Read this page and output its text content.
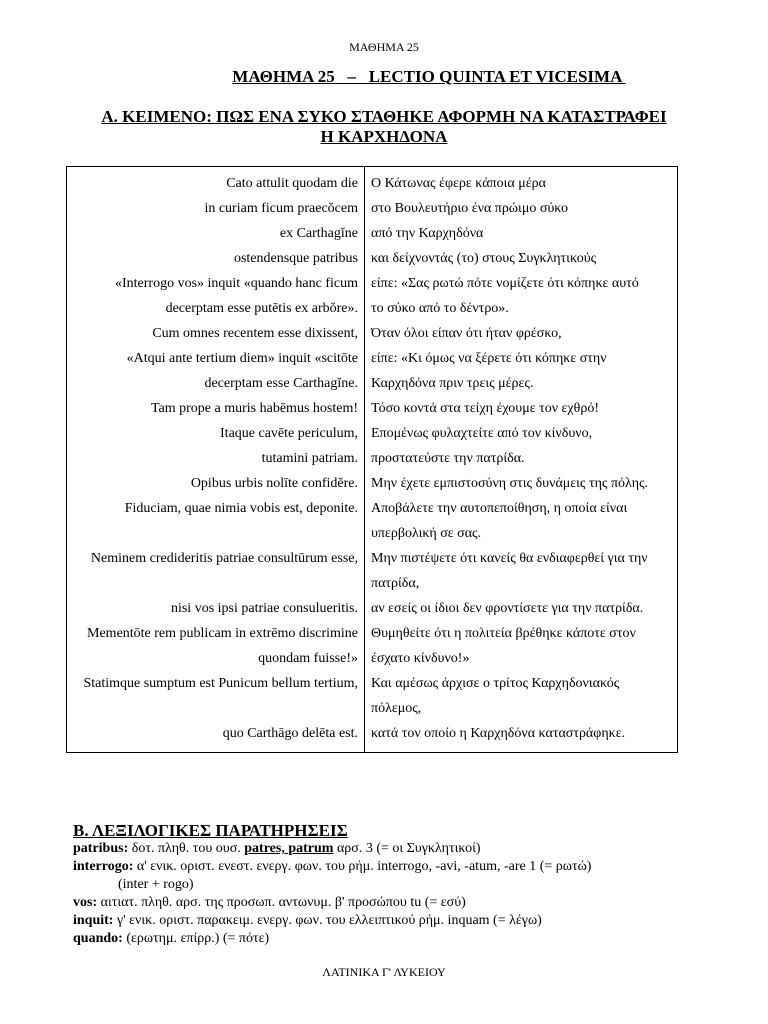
ΜΑΘΗΜΑ 25
ΜΑΘΗΜΑ 25   –   LECTIO QUINTA ET VICESIMA
Α. ΚΕΙΜΕΝΟ: ΠΩΣ ΕΝΑ ΣΥΚΟ ΣΤΑΘΗΚΕ ΑΦΟΡΜΗ ΝΑ ΚΑΤΑΣΤΡΑΦΕΙ
Η ΚΑΡΧΗΔΟΝΑ
Cato attulit quodam die	Ο Κάτωνας έφερε κάποια μέρα
in curiam ficum praecŏcem	στο Βουλευτήριο ένα πρώιμο σύκο
ex Carthagĭne	από την Καρχηδόνα
ostendensque patribus	και δείχνοντάς (το) στους Συγκλητικούς
«Interrogo vos» inquit «quando hanc ficum	είπε: «Σας ρωτώ πότε νομίζετε ότι κόπηκε αυτό
decerptam esse putētis ex arbŏre».	το σύκο από το δέντρο».
Cum omnes recentem esse dixissent,	Όταν όλοι είπαν ότι ήταν φρέσκο,
«Atqui ante tertium diem» inquit «scitōte	είπε: «Κι όμως να ξέρετε ότι κόπηκε στην
decerptam esse Carthagĭne.	Καρχηδόνα πριν τρεις μέρες.
Tam prope a muris habēmus hostem!	Τόσο κοντά στα τείχη έχουμε τον εχθρό!
Itaque cavēte periculum,	Επομένως φυλαχτείτε από τον κίνδυνο,
tutamini patriam.	προστατεύστε την πατρίδα.
Opibus urbis nolīte confidĕre.	Μην έχετε εμπιστοσύνη στις δυνάμεις της πόλης.
Fiduciam, quae nimia vobis est, deponite.	Αποβάλετε την αυτοπεποίθηση, η οποία είναι υπερβολική σε σας.
Neminem credideritis patriae consultūrum esse,	Μην πιστέψετε ότι κανείς θα ενδιαφερθεί για την πατρίδα,
nisi vos ipsi patriae consulueritis.	αν εσείς οι ίδιοι δεν φροντίσετε για την πατρίδα.
Mementōte rem publicam in extrēmo discrimine quondam fuisse!»	Θυμηθείτε ότι η πολιτεία βρέθηκε κάποτε στον έσχατο κίνδυνο!»
Statimque sumptum est Punicum bellum tertium,	Και αμέσως άρχισε ο τρίτος Καρχηδονιακός πόλεμος,
quo Carthāgo delēta est.	κατά τον οποίο η Καρχηδόνα καταστράφηκε.
Β. ΛΕΞΙΛΟΓΙΚΕΣ ΠΑΡΑΤΗΡΗΣΕΙΣ
patribus: δοτ. πληθ. του ουσ. patres, patrum αρσ. 3 (= οι Συγκλητικοί)
interrogo: α' ενικ. οριστ. ενεστ. ενεργ. φων. του ρήμ. interrogo, -avi, -atum, -are 1 (= ρωτώ)
(inter + rogo)
vos: αιτιατ. πληθ. αρσ. της προσωπ. αντωνυμ. β' προσώπου tu (= εσύ)
inquit: γ' ενικ. οριστ. παρακειμ. ενεργ. φων. του ελλειπτικού ρήμ. inquam (= λέγω)
quando: (ερωτημ. επίρρ.) (= πότε)
ΛΑΤΙΝΙΚΑ Γ' ΛΥΚΕΙΟΥ
